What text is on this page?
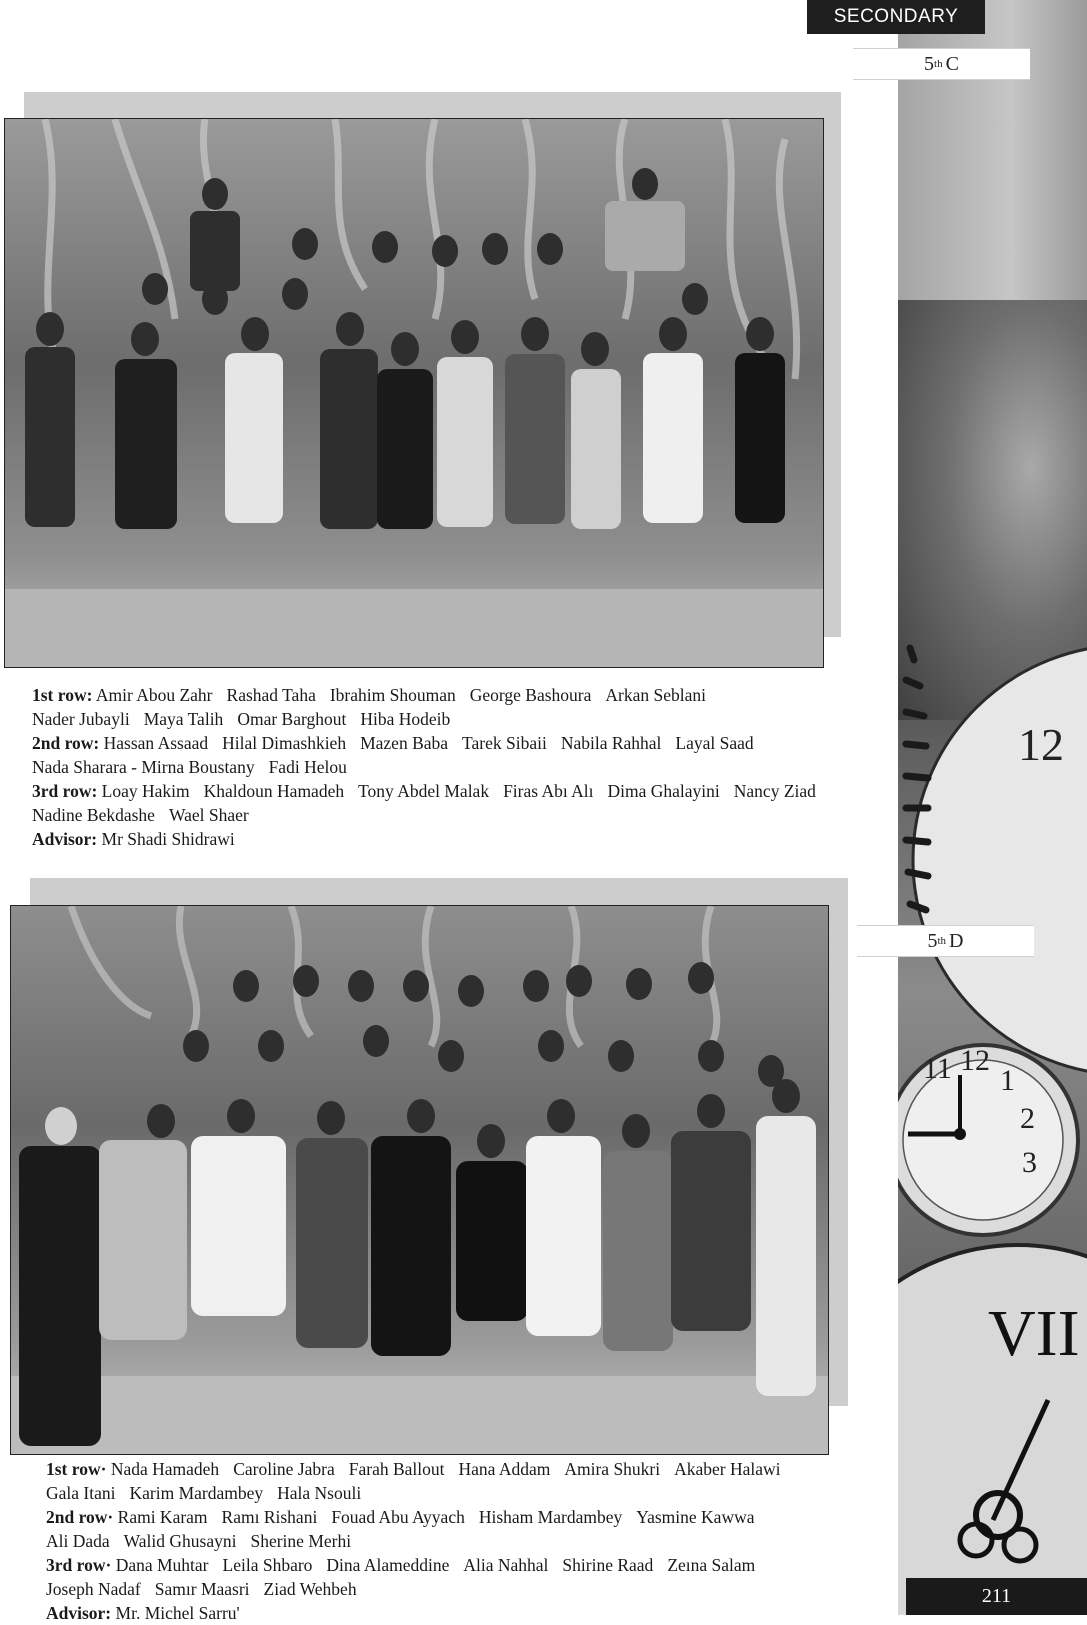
12
11 12
1
2
3
VII
SECONDARY
5 th C
5 th D
1st row: Amir Abou Zahr Rashad Taha Ibrahim Shouman George Bashoura Arkan Seblani
Nader Jubayli Maya Talih Omar Barghout Hiba Hodeib
2nd row: Hassan Assaad Hilal Dimashkieh Mazen Baba Tarek Sibaii Nabila Rahhal Layal Saad
Nada Sharara - Mirna Boustany Fadi Helou
3rd row: Loay Hakim Khaldoun Hamadeh Tony Abdel Malak Firas Abı Alı Dima Ghalayini Nancy Ziad
Nadine Bekdashe Wael Shaer
Advisor: Mr Shadi Shidrawi
1st row· Nada Hamadeh Caroline Jabra Farah Ballout Hana Addam Amira Shukri Akaber Halawi
Gala Itani Karim Mardambey Hala Nsouli
2nd row· Rami Karam Ramı Rishani Fouad Abu Ayyach Hisham Mardambey Yasmine Kawwa
Ali Dada Walid Ghusayni Sherine Merhi
3rd row· Dana Muhtar Leila Shbaro Dina Alameddine Alia Nahhal Shirine Raad Zeına Salam
Joseph Nadaf Samır Maasri Ziad Wehbeh
Advisor: Mr. Michel Sarru'
211
